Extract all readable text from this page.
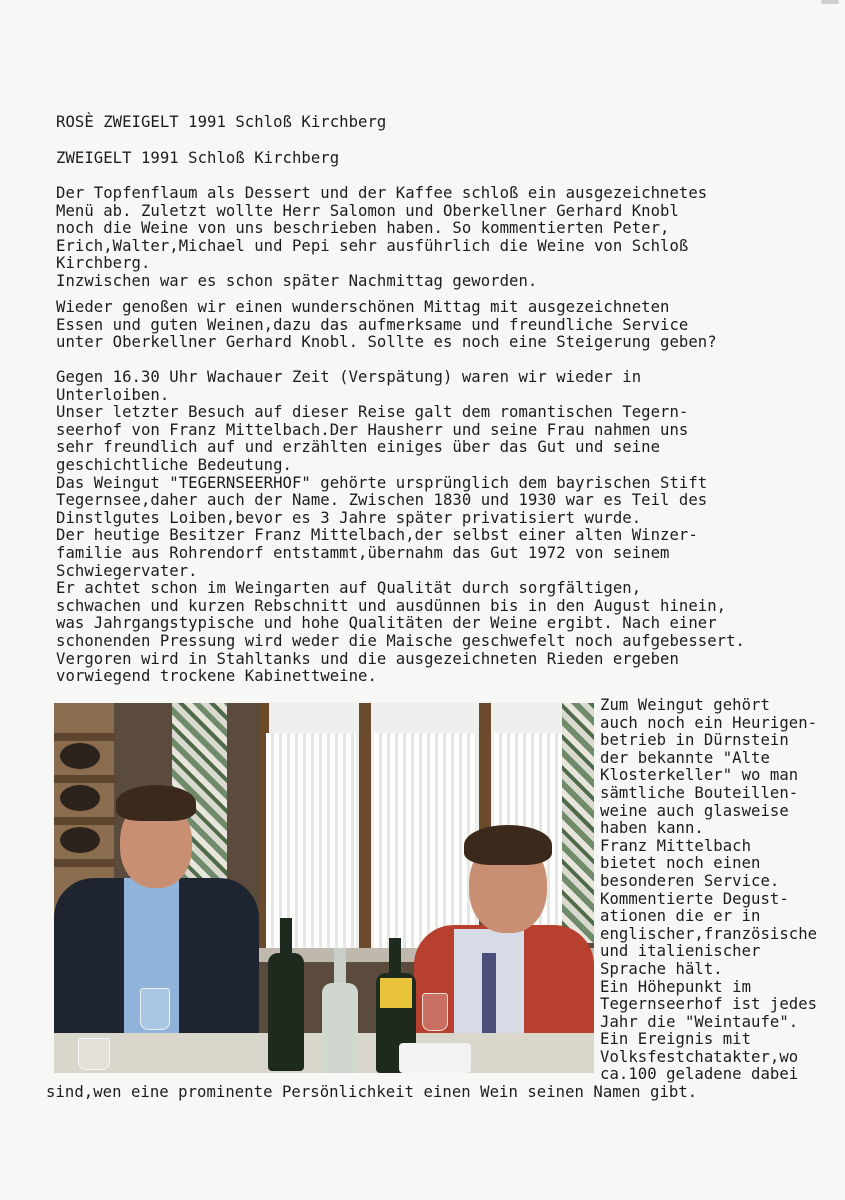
ROSÈ ZWEIGELT 1991 Schloß Kirchberg
ZWEIGELT 1991 Schloß Kirchberg
Der Topfenflaum als Dessert und der Kaffee schloß ein ausgezeichnetes
Menü ab. Zuletzt wollte Herr Salomon und Oberkellner Gerhard Knobl
noch die Weine von uns beschrieben haben. So kommentierten Peter,
Erich,Walter,Michael und Pepi sehr ausführlich die Weine von Schloß
Kirchberg.
Inzwischen war es schon später Nachmittag geworden.
Wieder genoßen wir einen wunderschönen Mittag mit ausgezeichneten
Essen und guten Weinen,dazu das aufmerksame und freundliche Service
unter Oberkellner Gerhard Knobl. Sollte es noch eine Steigerung geben?
Gegen 16.30 Uhr Wachauer Zeit (Verspätung) waren wir wieder in
Unterloiben.
Unser letzter Besuch auf dieser Reise galt dem romantischen Tegern-
seerhof von Franz Mittelbach.Der Hausherr und seine Frau nahmen uns
sehr freundlich auf und erzählten einiges über das Gut und seine
geschichtliche Bedeutung.
Das Weingut "TEGERNSEERHOF" gehörte ursprünglich dem bayrischen Stift
Tegernsee,daher auch der Name. Zwischen 1830 und 1930 war es Teil des
Dinstlgutes Loiben,bevor es 3 Jahre später privatisiert wurde.
Der heutige Besitzer Franz Mittelbach,der selbst einer alten Winzer-
familie aus Rohrendorf entstammt,übernahm das Gut 1972 von seinem
Schwiegervater.
Er achtet schon im Weingarten auf Qualität durch sorgfältigen,
schwachen und kurzen Rebschnitt und ausdünnen bis in den August hinein,
was Jahrgangstypische und hohe Qualitäten der Weine ergibt. Nach einer
schonenden Pressung wird weder die Maische geschwefelt noch aufgebessert.
Vergoren wird in Stahltanks und die ausgezeichneten Rieden ergeben
vorwiegend trockene Kabinettweine.
Zum Weingut gehört
auch noch ein Heurigen-
betrieb in Dürnstein
der bekannte "Alte
Klosterkeller" wo man
sämtliche Bouteillen-
weine auch glasweise
haben kann.
Franz Mittelbach
bietet noch einen
besonderen Service.
Kommentierte Degust-
ationen die er in
englischer,französische
und italienischer
Sprache hält.
Ein Höhepunkt im
Tegernseerhof ist jedes
Jahr die "Weintaufe".
Ein Ereignis mit
Volksfestchatakter,wo
ca.100 geladene dabei
sind,wen eine prominente Persönlichkeit einen Wein seinen Namen gibt.
